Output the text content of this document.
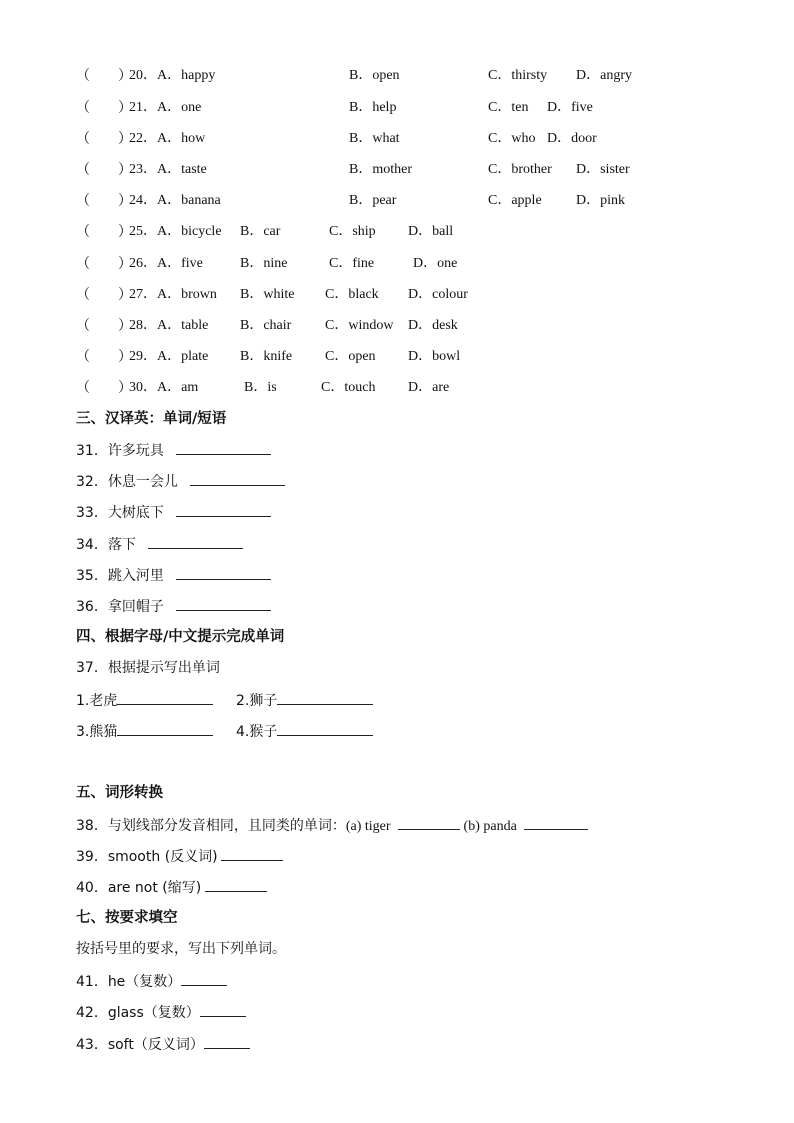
（　　）
20．A．happy	B．open	C．thirsty D．angry
（　　）
21．A．one	B．help	C．ten D．five
（　　）
22．A．how	B．what	C．who D．door
（　　）
23．A．taste	B．mother	C．brother D．sister
（　　）
24．A．banana	B．pear	C．apple D．pink
（　　）
25．A．bicycle B．car	C．ship D．ball
（　　）
26．A．five	B．nine	C．fine	D．one
（　　）
27．A．brown B．white C．black D．colour
（　　）
28．A．table B．chair C．window D．desk
（　　）
29．A．plate B．knife C．open D．bowl
（　　）
30．A．am	B．is	C．touch D．are
三、汉译英：单词/短语
31．许多玩具
32．休息一会儿
33．大树底下
34．落下
35．跳入河里
36．拿回帽子
四、根据字母/中文提示完成单词
37．根据提示写出单词
1.老虎	2.狮子
3.熊猫	4.猴子
五、词形转换
38．与划线部分发音相同，且同类的单词：(a) tiger	(b) panda
39．smooth (反义词)
40．are not (缩写)
七、按要求填空
按括号里的要求，写出下列单词。
41．he（复数）
42．glass（复数）
43．soft（反义词）
